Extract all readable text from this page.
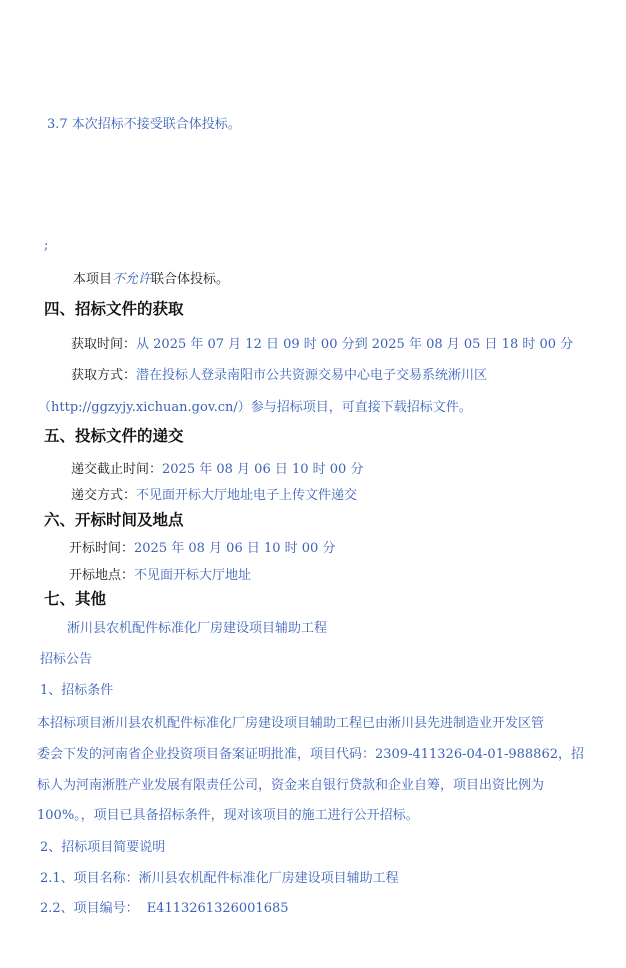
3.7 本次招标不接受联合体投标。
;
本项目不允许联合体投标。
四、招标文件的获取
获取时间：从 2025 年 07 月 12 日 09 时 00 分到 2025 年 08 月 05 日 18 时 00 分
获取方式：潜在投标人登录南阳市公共资源交易中心电子交易系统淅川区
（http://ggzyjy.xichuan.gov.cn/）参与招标项目，可直接下载招标文件。
五、投标文件的递交
递交截止时间：2025 年 08 月 06 日 10 时 00 分
递交方式：不见面开标大厅地址电子上传文件递交
六、开标时间及地点
开标时间：2025 年 08 月 06 日 10 时 00 分
开标地点：不见面开标大厅地址
七、其他
淅川县农机配件标准化厂房建设项目辅助工程
招标公告
1、招标条件
本招标项目淅川县农机配件标准化厂房建设项目辅助工程已由淅川县先进制造业开发区管
委会下发的河南省企业投资项目备案证明批准，项目代码：2309-411326-04-01-988862，招
标人为河南淅胜产业发展有限责任公司，资金来自银行贷款和企业自筹，项目出资比例为
100%。，项目已具备招标条件，现对该项目的施工进行公开招标。
2、招标项目简要说明
2.1、项目名称：淅川县农机配件标准化厂房建设项目辅助工程
2.2、项目编号： E4113261326001685
